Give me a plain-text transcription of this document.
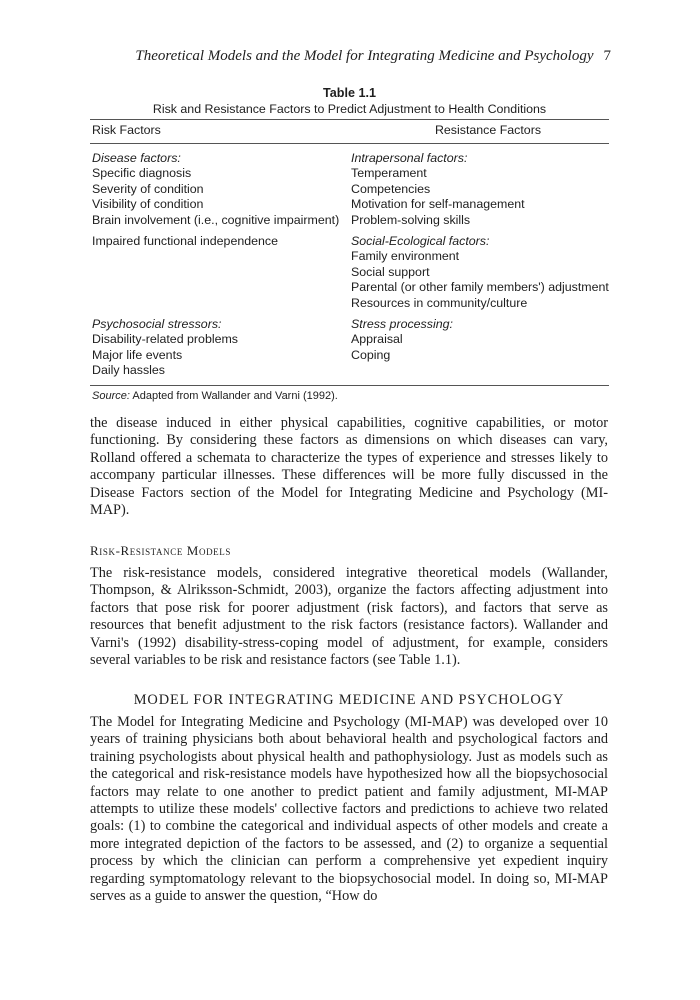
Theoretical Models and the Model for Integrating Medicine and Psychology 7
Table 1.1
Risk and Resistance Factors to Predict Adjustment to Health Conditions
Risk Factors	Resistance Factors
Disease factors:
Specific diagnosis
Severity of condition
Visibility of condition
Brain involvement (i.e., cognitive impairment)
Intrapersonal factors:
Temperament
Competencies
Motivation for self-management
Problem-solving skills
Impaired functional independence	Social-Ecological factors:
Family environment
Social support
Parental (or other family members') adjustment
Resources in community/culture
Psychosocial stressors:
Disability-related problems
Major life events
Daily hassles
Stress processing:
Appraisal
Coping
Source: Adapted from Wallander and Varni (1992).

the disease induced in either physical capabilities, cognitive capabilities, or motor functioning. By considering these factors as dimensions on which diseases can vary, Rolland offered a schemata to characterize the types of experience and stresses likely to accompany particular illnesses. These differences will be more fully discussed in the Disease Factors section of the Model for Integrating Medicine and Psychology (MI-MAP).

Risk-Resistance Models

The risk-resistance models, considered integrative theoretical models (Wallander, Thompson, & Alriksson-Schmidt, 2003), organize the factors affecting adjustment into factors that pose risk for poorer adjustment (risk factors), and factors that serve as resources that benefit adjustment to the risk factors (resistance factors). Wallander and Varni's (1992) disability-stress-coping model of adjustment, for example, considers several variables to be risk and resistance factors (see Table 1.1).

MODEL FOR INTEGRATING MEDICINE AND PSYCHOLOGY

The Model for Integrating Medicine and Psychology (MI-MAP) was developed over 10 years of training physicians both about behavioral health and psychological factors and training psychologists about physical health and pathophysiology. Just as models such as the categorical and risk-resistance models have hypothesized how all the biopsychosocial factors may relate to one another to predict patient and family adjustment, MI-MAP attempts to utilize these models' collective factors and predictions to achieve two related goals: (1) to combine the categorical and individual aspects of other models and create a more integrated depiction of the factors to be assessed, and (2) to organize a sequential process by which the clinician can perform a comprehensive yet expedient inquiry regarding symptomatology relevant to the biopsychosocial model. In doing so, MI-MAP serves as a guide to answer the question, “How do
